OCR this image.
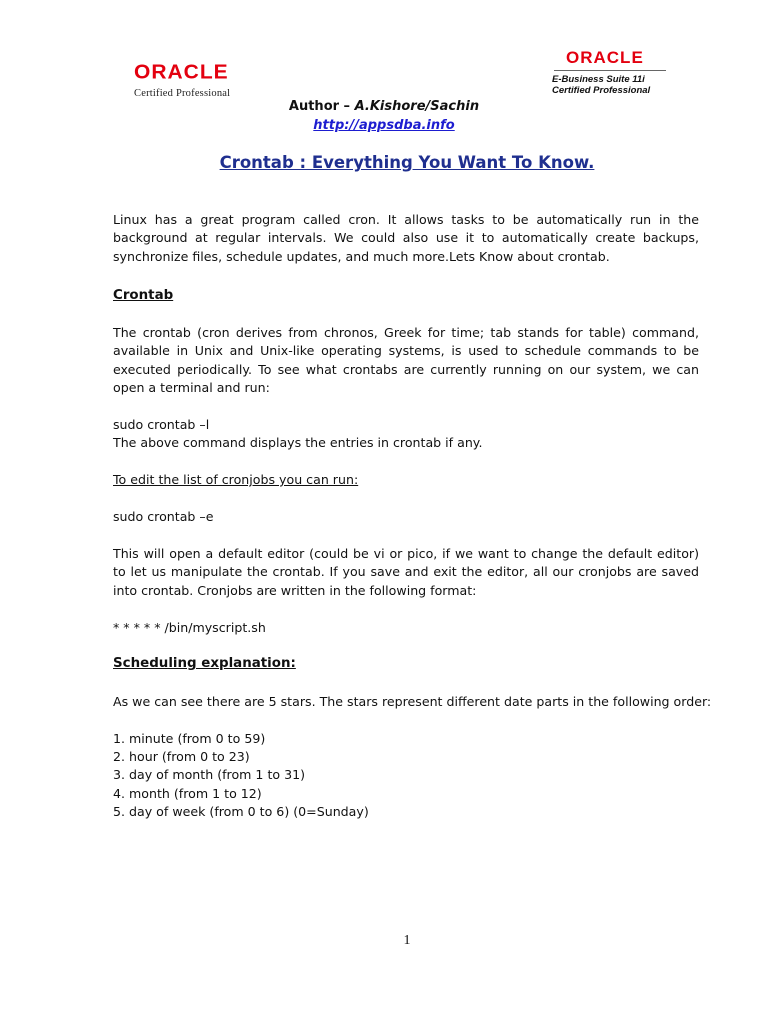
ORACLE
Certified Professional
ORACLE
E-Business Suite 11i
Certified Professional
Author – A.Kishore/Sachin
http://appsdba.info
Crontab : Everything You Want To Know.
Linux has a great program called cron. It allows tasks to be automatically run in the background at regular intervals. We could also use it to automatically create backups, synchronize files, schedule updates, and much more.Lets Know about crontab.
Crontab
The crontab (cron derives from chronos, Greek for time; tab stands for table) command, available in Unix and Unix-like operating systems, is used to schedule commands to be executed periodically. To see what crontabs are currently running on our system, we can open a terminal and run:
sudo crontab –l
The above command displays the entries in crontab if any.
To edit the list of cronjobs you can run:
sudo crontab –e
This will open a default editor (could be vi or pico, if we want to change the default editor) to let us manipulate the crontab. If you save and exit the editor, all our cronjobs are saved into crontab. Cronjobs are written in the following format:
* * * * * /bin/myscript.sh
Scheduling explanation:
As we can see there are 5 stars. The stars represent different date parts in the following order:
1. minute (from 0 to 59)
2. hour (from 0 to 23)
3. day of month (from 1 to 31)
4. month (from 1 to 12)
5. day of week (from 0 to 6) (0=Sunday)
1
